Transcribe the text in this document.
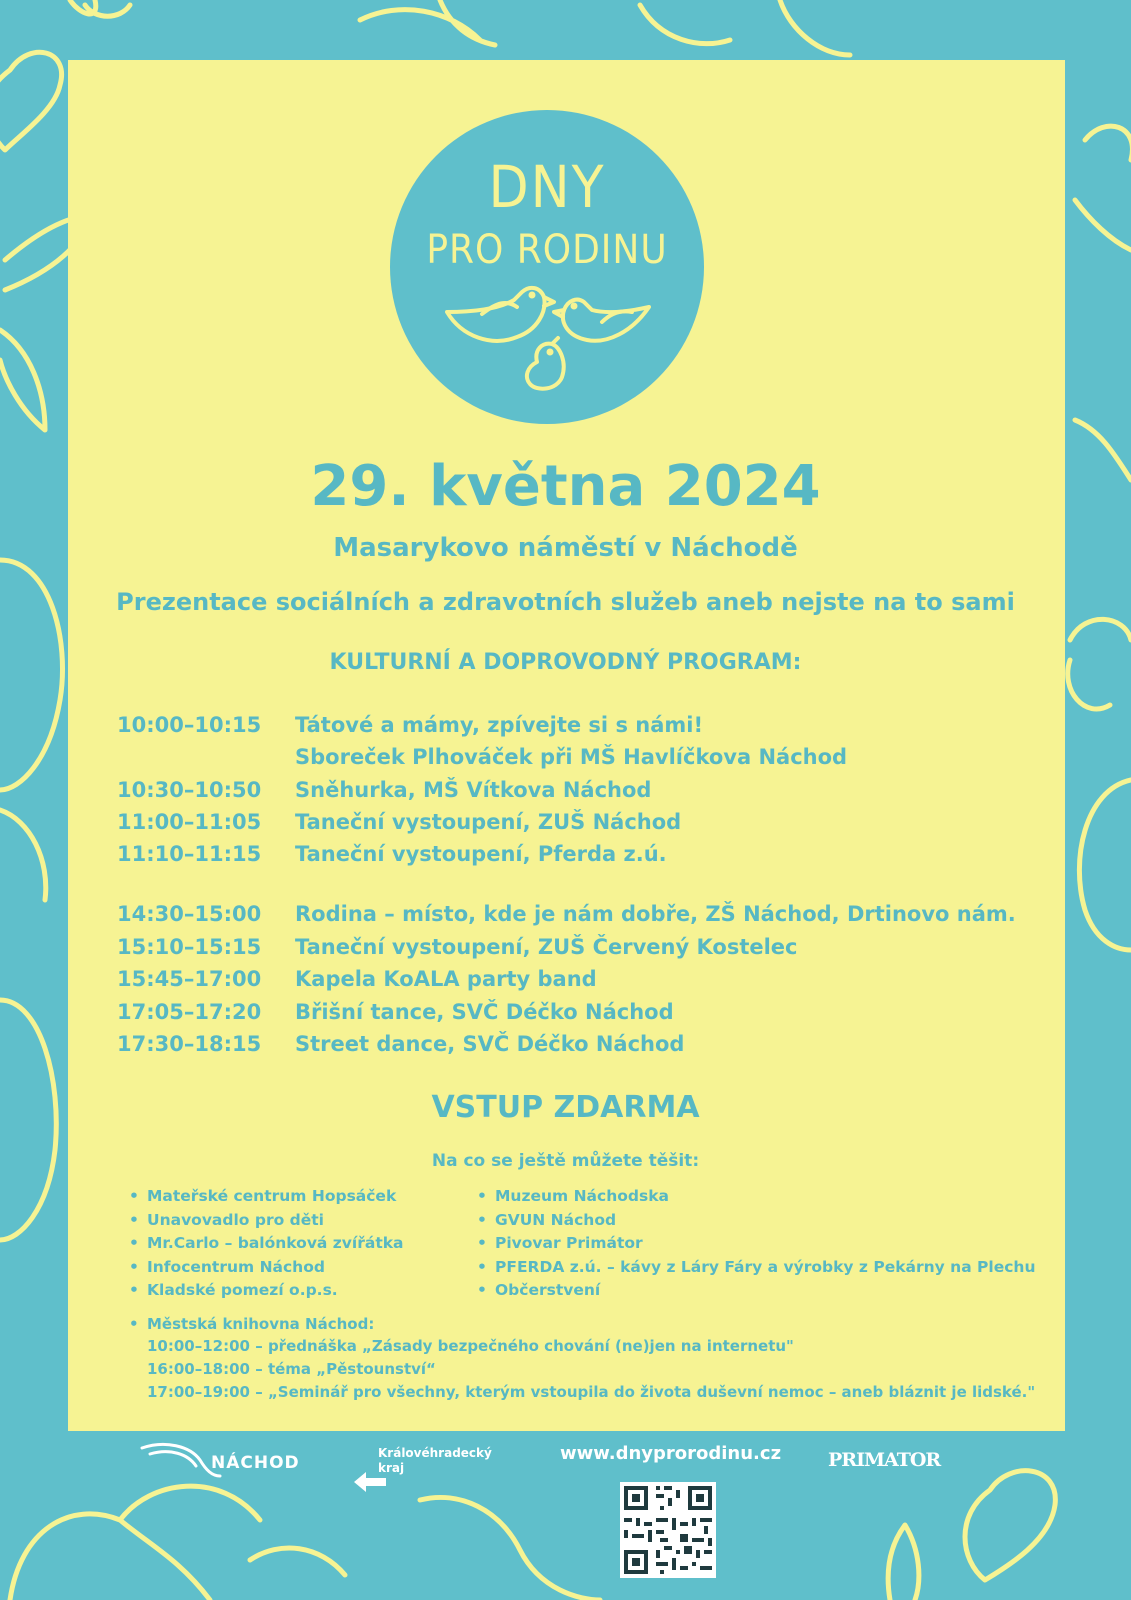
DNY
PRO RODINU
29. května 2024
Masarykovo náměstí v Náchodě
Prezentace sociálních a zdravotních služeb aneb nejste na to sami
KULTURNÍ A DOPROVODNÝ PROGRAM:
10:00–10:15 Tátové a mámy, zpívejte si s námi!
Sboreček Plhováček při MŠ Havlíčkova Náchod
10:30–10:50 Sněhurka, MŠ Vítkova Náchod
11:00–11:05 Taneční vystoupení, ZUŠ Náchod
11:10–11:15 Taneční vystoupení, Pferda z.ú.
14:30–15:00 Rodina – místo, kde je nám dobře, ZŠ Náchod, Drtinovo nám.
15:10–15:15 Taneční vystoupení, ZUŠ Červený Kostelec
15:45–17:00 Kapela KoALA party band
17:05–17:20 Břišní tance, SVČ Déčko Náchod
17:30–18:15 Street dance, SVČ Déčko Náchod
VSTUP ZDARMA
Na co se ještě můžete těšit:
• Mateřské centrum Hopsáček
• Unavovadlo pro děti
• Mr.Carlo – balónková zvířátka
• Infocentrum Náchod
• Kladské pomezí o.p.s.
• Muzeum Náchodska
• GVUN Náchod
• Pivovar Primátor
• PFERDA z.ú. – kávy z Láry Fáry a výrobky z Pekárny na Plechu
• Občerstvení
• Městská knihovna Náchod:
10:00–12:00 – přednáška „Zásady bezpečného chování (ne)jen na internetu"
16:00–18:00 – téma „Pěstounství“
17:00–19:00 – „Seminář pro všechny, kterým vstoupila do života duševní nemoc – aneb bláznit je lidské."
NÁCHOD	Královéhradecký
kraj
www.dnyprorodinu.cz PRIMATOR
